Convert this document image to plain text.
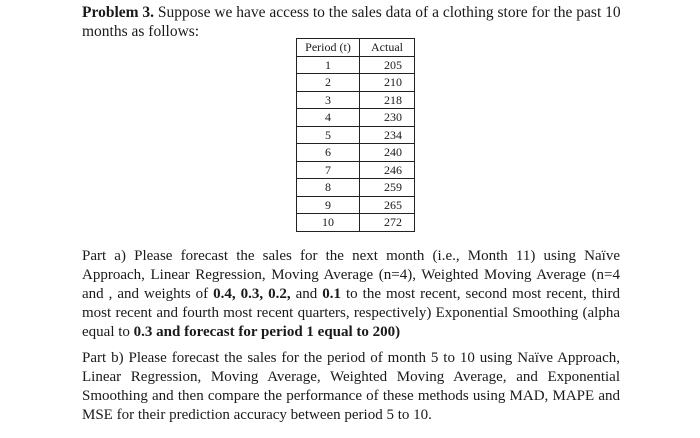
Problem 3. Suppose we have access to the sales data of a clothing store for the past 10 months as follows:
Period (t)	Actual
1	205
2	210
3	218
4	230
5	234
6	240
7	246
8	259
9	265
10	272
Part a) Please forecast the sales for the next month (i.e., Month 11) using Naïve Approach, Linear Regression, Moving Average (n=4), Weighted Moving Average (n=4 and , and weights of 0.4, 0.3, 0.2, and 0.1 to the most recent, second most recent, third most recent and fourth most recent quarters, respectively) Exponential Smoothing (alpha equal to 0.3 and forecast for period 1 equal to 200)
Part b) Please forecast the sales for the period of month 5 to 10 using Naïve Approach, Linear Regression, Moving Average, Weighted Moving Average, and Exponential Smoothing and then compare the performance of these methods using MAD, MAPE and MSE for their prediction accuracy between period 5 to 10.
